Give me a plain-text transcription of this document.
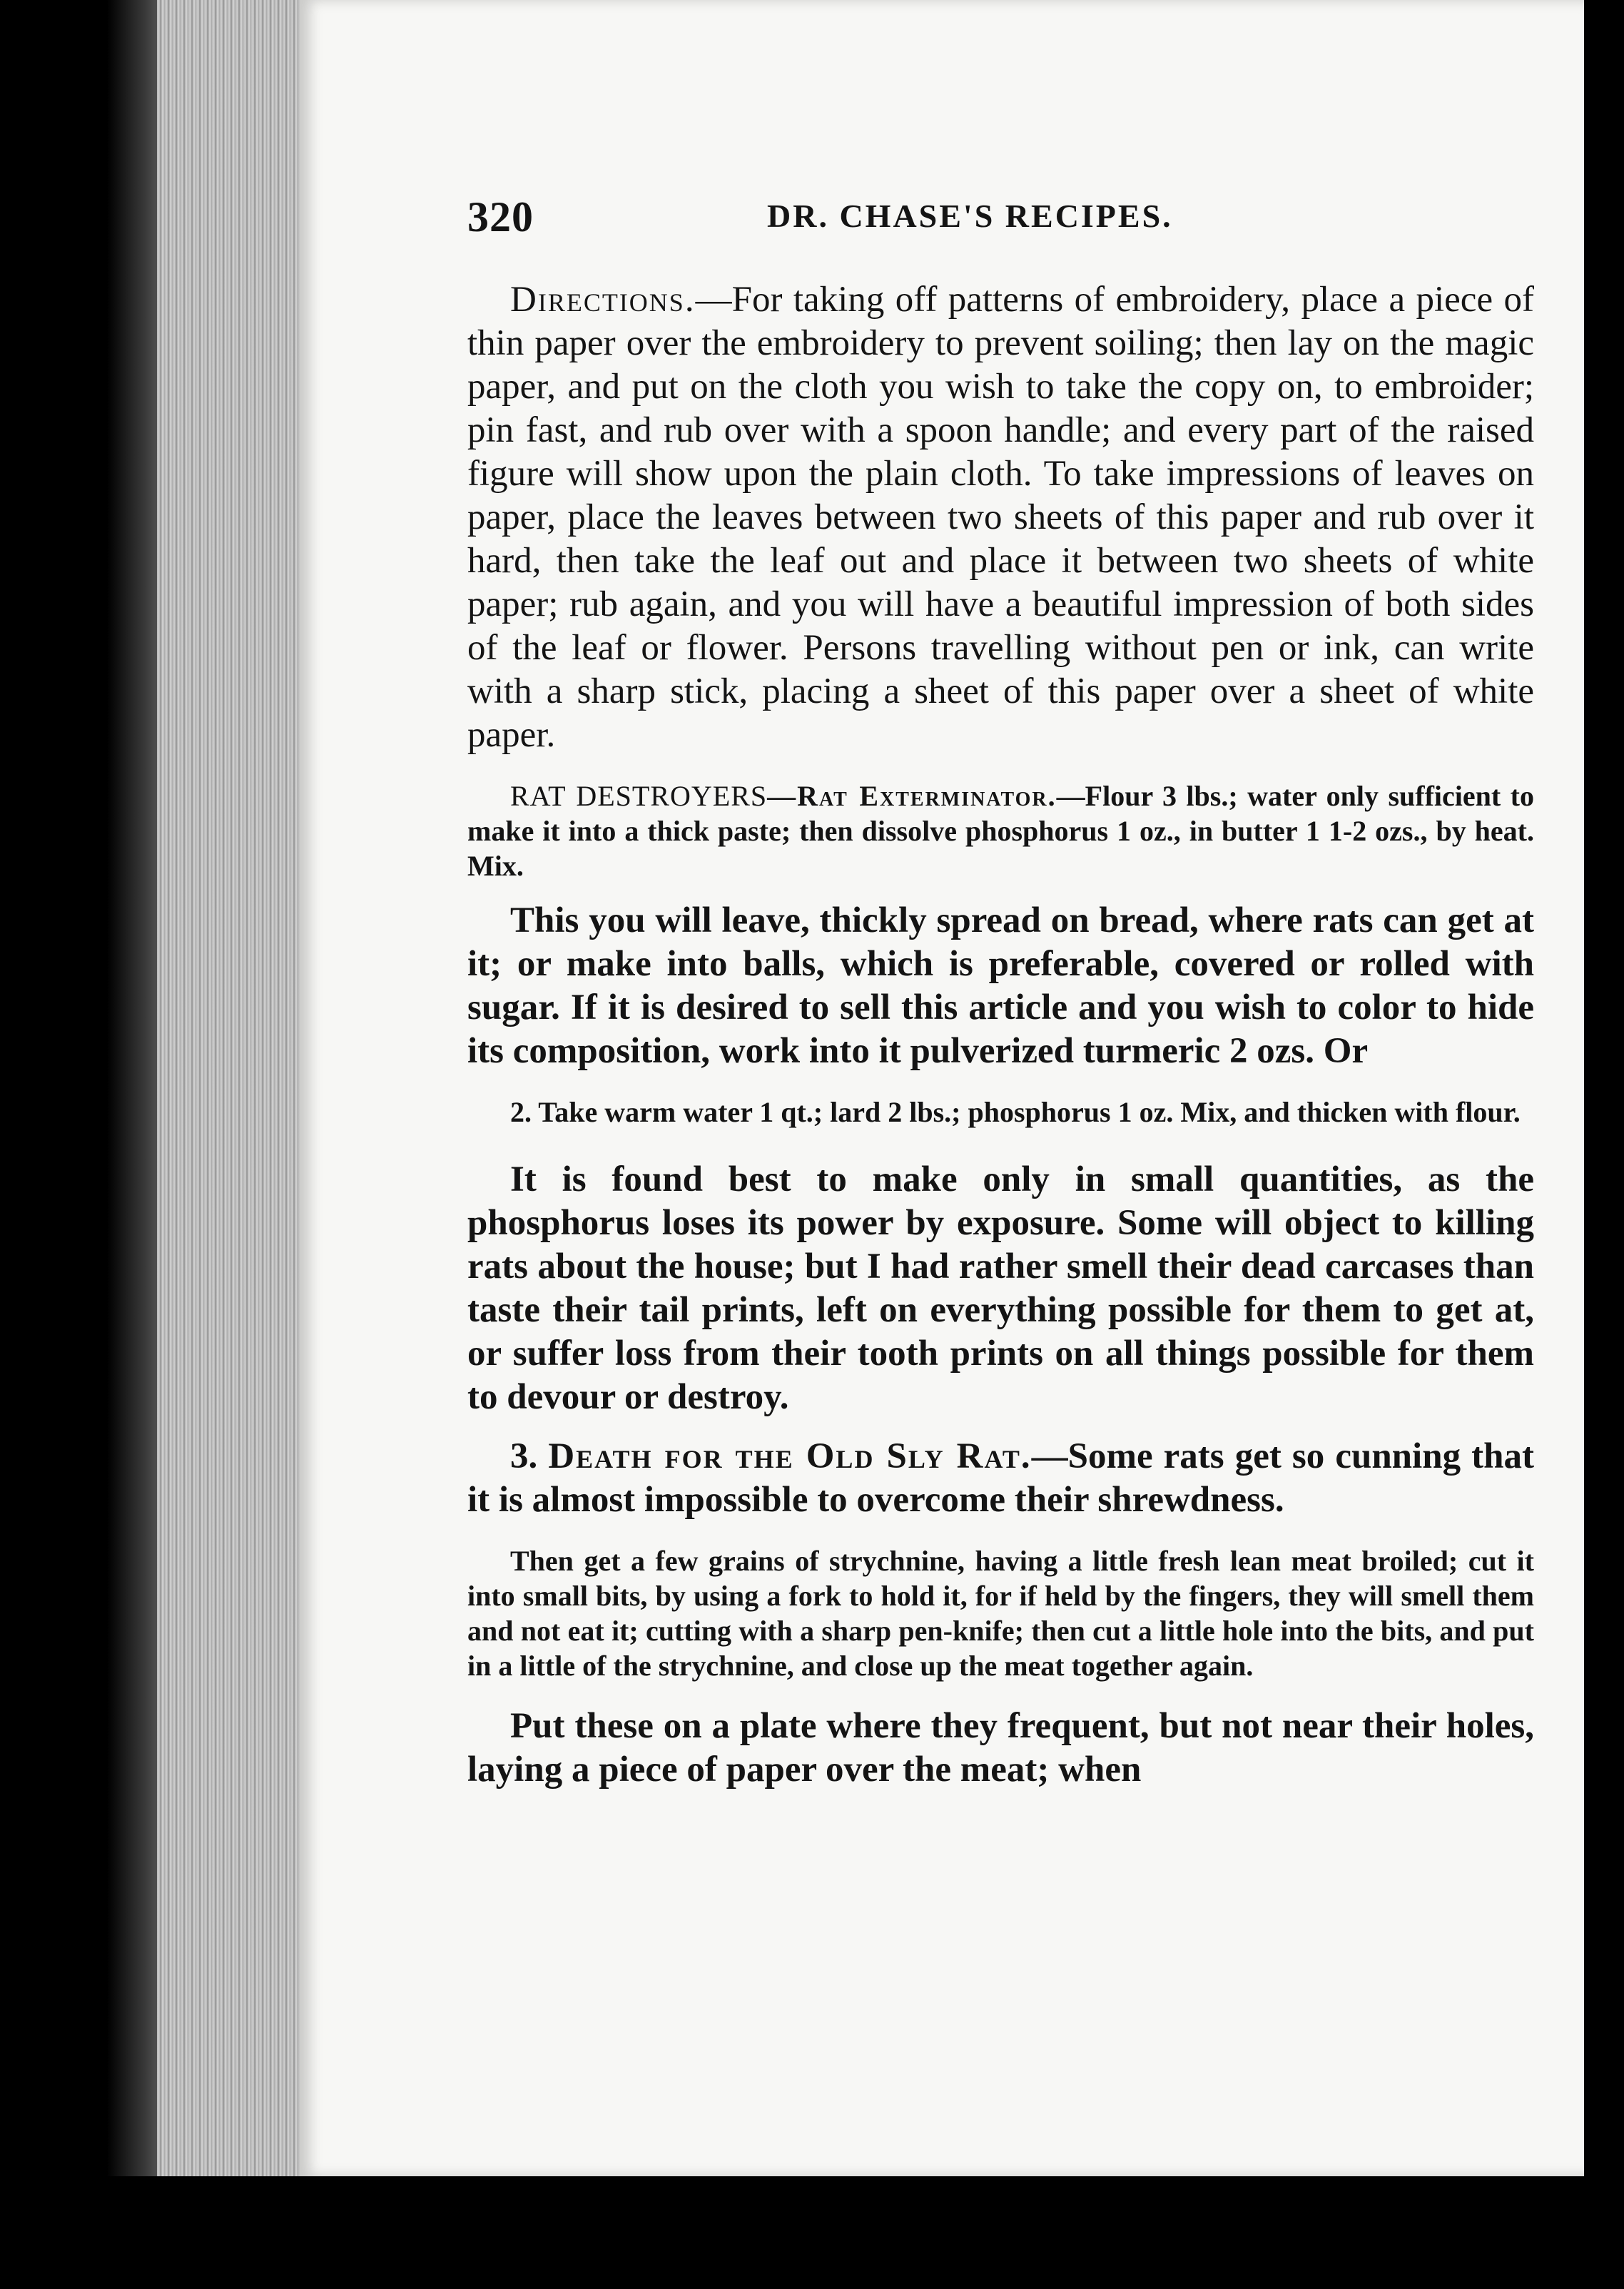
320	DR. CHASE'S RECIPES.

Directions.—For taking off patterns of embroidery, place a piece of thin paper over the embroidery to prevent soiling; then lay on the magic paper, and put on the cloth you wish to take the copy on, to embroider; pin fast, and rub over with a spoon handle; and every part of the raised figure will show upon the plain cloth. To take impressions of leaves on paper, place the leaves between two sheets of this paper and rub over it hard, then take the leaf out and place it between two sheets of white paper; rub again, and you will have a beautiful impression of both sides of the leaf or flower. Persons travelling without pen or ink, can write with a sharp stick, placing a sheet of this paper over a sheet of white paper.

RAT DESTROYERS—Rat Exterminator.—Flour 3 lbs.; water only sufficient to make it into a thick paste; then dissolve phosphorus 1 oz., in butter 1 1-2 ozs., by heat. Mix.

This you will leave, thickly spread on bread, where rats can get at it; or make into balls, which is preferable, covered or rolled with sugar. If it is desired to sell this article and you wish to color to hide its composition, work into it pulverized turmeric 2 ozs. Or

2. Take warm water 1 qt.; lard 2 lbs.; phosphorus 1 oz. Mix, and thicken with flour.

It is found best to make only in small quantities, as the phosphorus loses its power by exposure. Some will object to killing rats about the house; but I had rather smell their dead carcases than taste their tail prints, left on everything possible for them to get at, or suffer loss from their tooth prints on all things possible for them to devour or destroy.

3. Death for the Old Sly Rat.—Some rats get so cunning that it is almost impossible to overcome their shrewdness.

Then get a few grains of strychnine, having a little fresh lean meat broiled; cut it into small bits, by using a fork to hold it, for if held by the fingers, they will smell them and not eat it; cutting with a sharp pen-knife; then cut a little hole into the bits, and put in a little of the strychnine, and close up the meat together again.

Put these on a plate where they frequent, but not near their holes, laying a piece of paper over the meat; when
